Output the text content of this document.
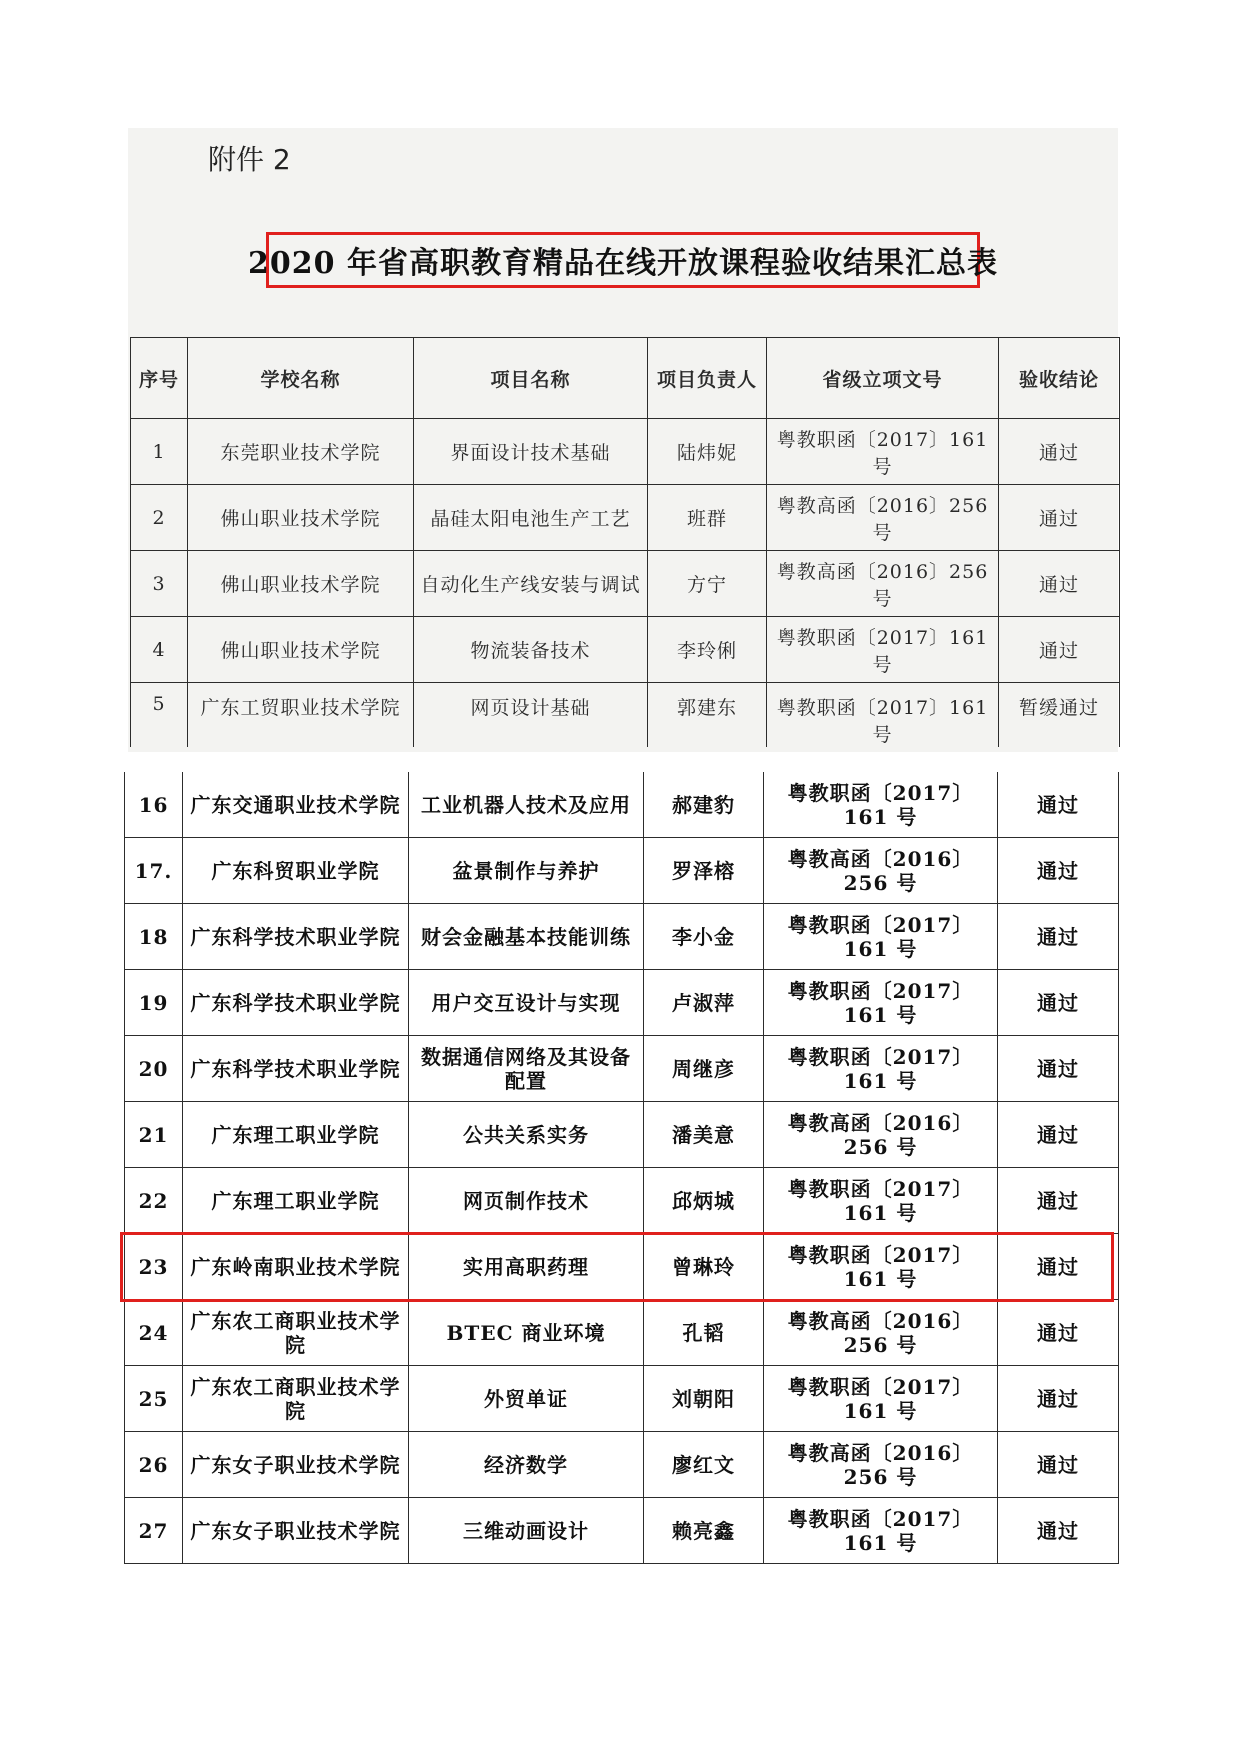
附件 2
2020 年省高职教育精品在线开放课程验收结果汇总表
序号	学校名称	项目名称	项目负责人	省级立项文号	验收结论
1	东莞职业技术学院	界面设计技术基础	陆炜妮	粤教职函〔2017〕161 号	通过
2	佛山职业技术学院	晶硅太阳电池生产工艺	班群	粤教高函〔2016〕256 号	通过
3	佛山职业技术学院	自动化生产线安装与调试	方宁	粤教高函〔2016〕256 号	通过
4	佛山职业技术学院	物流装备技术	李玲俐	粤教职函〔2017〕161 号	通过
5	广东工贸职业技术学院	网页设计基础	郭建东	粤教职函〔2017〕161 号	暂缓通过
16	广东交通职业技术学院	工业机器人技术及应用	郝建豹	粤教职函〔2017〕161 号	通过
17.	广东科贸职业学院	盆景制作与养护	罗泽榕	粤教高函〔2016〕256 号	通过
18	广东科学技术职业学院	财会金融基本技能训练	李小金	粤教职函〔2017〕161 号	通过
19	广东科学技术职业学院	用户交互设计与实现	卢淑萍	粤教职函〔2017〕161 号	通过
20	广东科学技术职业学院	数据通信网络及其设备配置	周继彦	粤教职函〔2017〕161 号	通过
21	广东理工职业学院	公共关系实务	潘美意	粤教高函〔2016〕256 号	通过
22	广东理工职业学院	网页制作技术	邱炳城	粤教职函〔2017〕161 号	通过
23	广东岭南职业技术学院	实用高职药理	曾琳玲	粤教职函〔2017〕161 号	通过
24	广东农工商职业技术学院	BTEC 商业环境	孔韬	粤教高函〔2016〕256 号	通过
25	广东农工商职业技术学院	外贸单证	刘朝阳	粤教职函〔2017〕161 号	通过
26	广东女子职业技术学院	经济数学	廖红文	粤教高函〔2016〕256 号	通过
27	广东女子职业技术学院	三维动画设计	赖亮鑫	粤教职函〔2017〕161 号	通过
